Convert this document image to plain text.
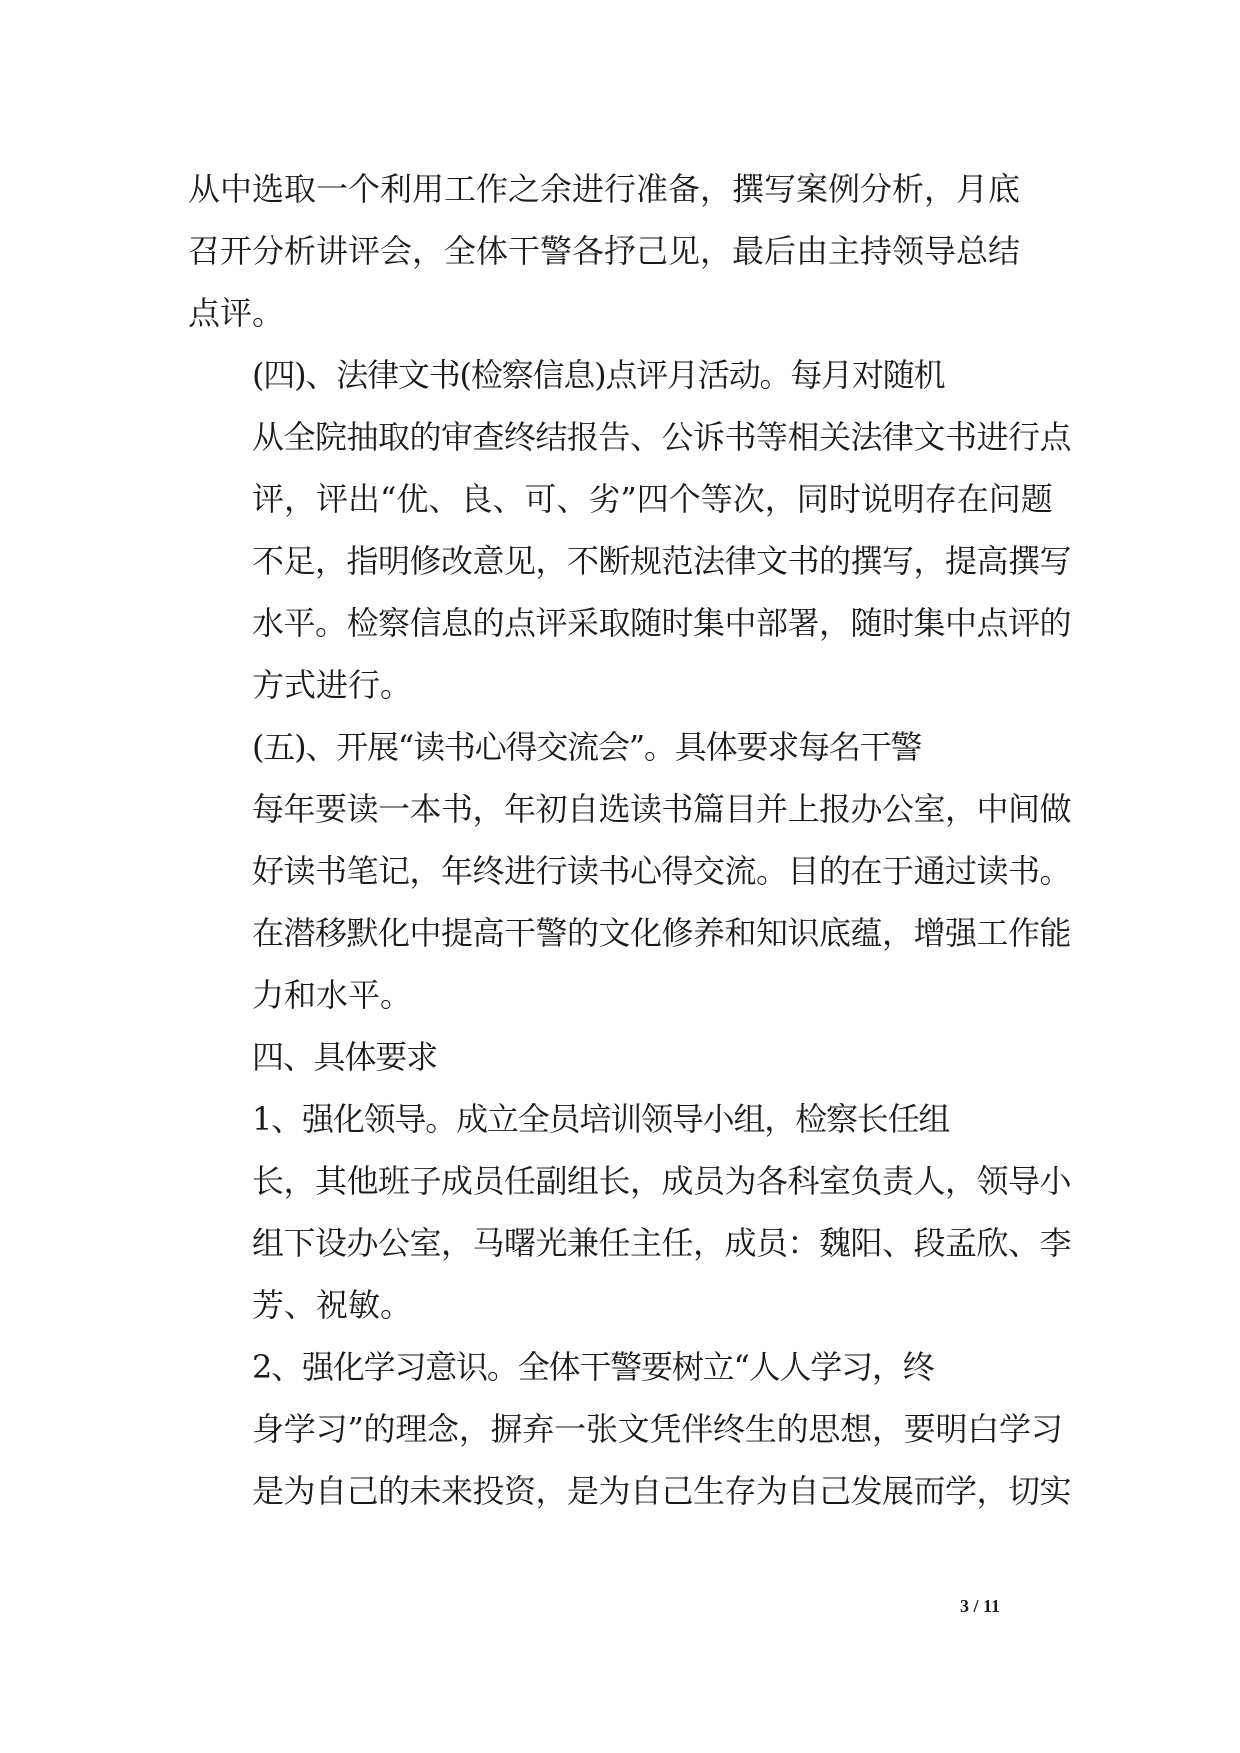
从中选取一个利用工作之余进行准备，撰写案例分析，月底
召开分析讲评会，全体干警各抒己见，最后由主持领导总结
点评。
(四)、法律文书(检察信息)点评月活动。每月对随机
从全院抽取的审查终结报告、公诉书等相关法律文书进行点
评，评出“优、良、可、劣”四个等次，同时说明存在问题
不足，指明修改意见，不断规范法律文书的撰写，提高撰写
水平。检察信息的点评采取随时集中部署，随时集中点评的
方式进行。
(五)、开展“读书心得交流会”。具体要求每名干警
每年要读一本书，年初自选读书篇目并上报办公室，中间做
好读书笔记，年终进行读书心得交流。目的在于通过读书。
在潜移默化中提高干警的文化修养和知识底蕴，增强工作能
力和水平。
四、具体要求
1、强化领导。成立全员培训领导小组，检察长任组
长，其他班子成员任副组长，成员为各科室负责人，领导小
组下设办公室，马曙光兼任主任，成员：魏阳、段孟欣、李
芳、祝敏。
2、强化学习意识。全体干警要树立“人人学习，终
身学习”的理念，摒弃一张文凭伴终生的思想，要明白学习
是为自己的未来投资，是为自己生存为自己发展而学，切实
3 / 11
